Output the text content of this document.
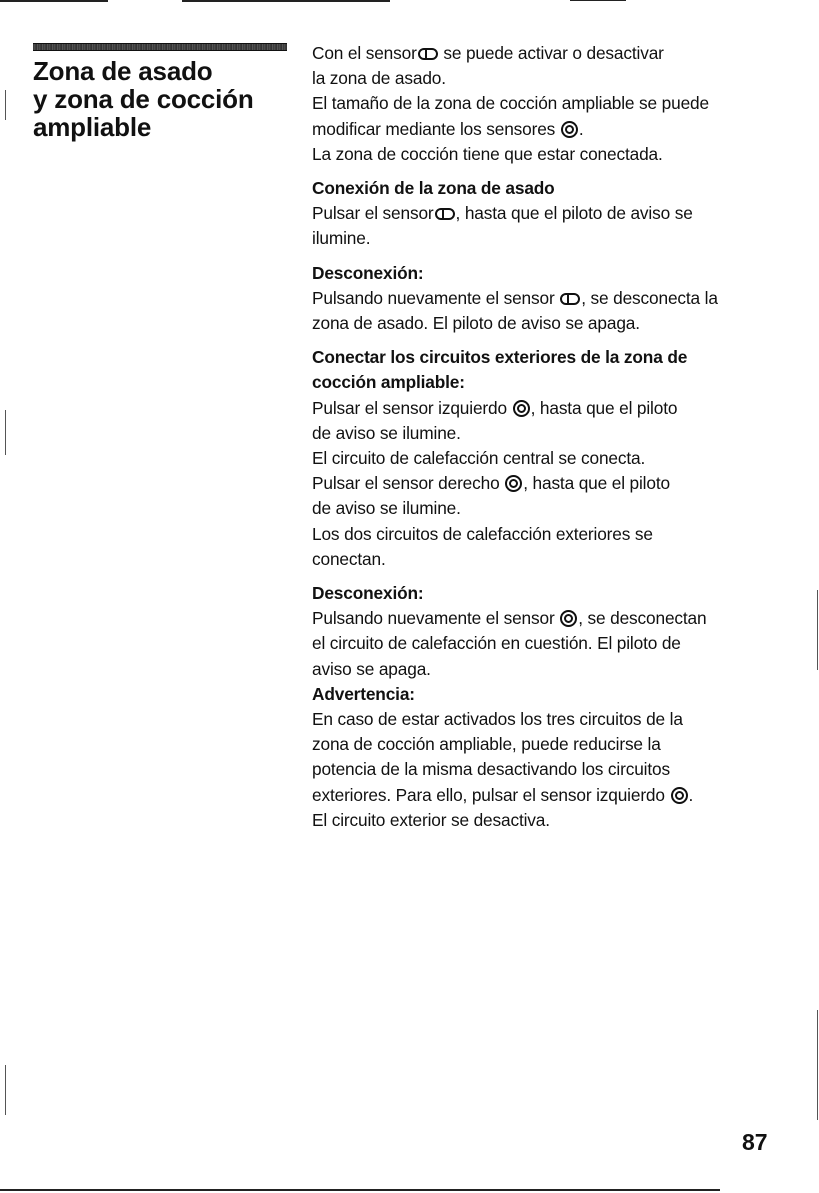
Zona de asado
y zona de cocción
ampliable

Con el sensor se puede activar o desactivar
la zona de asado.
El tamaño de la zona de cocción ampliable se puede
modificar mediante los sensores .

La zona de cocción tiene que estar conectada.

Conexión de la zona de asado

Pulsar el sensor , hasta que el piloto de aviso se
ilumine.

Desconexión:

Pulsando nuevamente el sensor , se desconecta la
zona de asado. El piloto de aviso se apaga.

Conectar los circuitos exteriores de la zona de
cocción ampliable:

Pulsar el sensor izquierdo , hasta que el piloto
de aviso se ilumine.
El circuito de calefacción central se conecta.

Pulsar el sensor derecho , hasta que el piloto
de aviso se ilumine.
Los dos circuitos de calefacción exteriores se
conectan.

Desconexión:

Pulsando nuevamente el sensor , se desconectan
el circuito de calefacción en cuestión. El piloto de
aviso se apaga.

Advertencia:

En caso de estar activados los tres circuitos de la
zona de cocción ampliable, puede reducirse la
potencia de la misma desactivando los circuitos
exteriores. Para ello, pulsar el sensor izquierdo .
El circuito exterior se desactiva.

87
